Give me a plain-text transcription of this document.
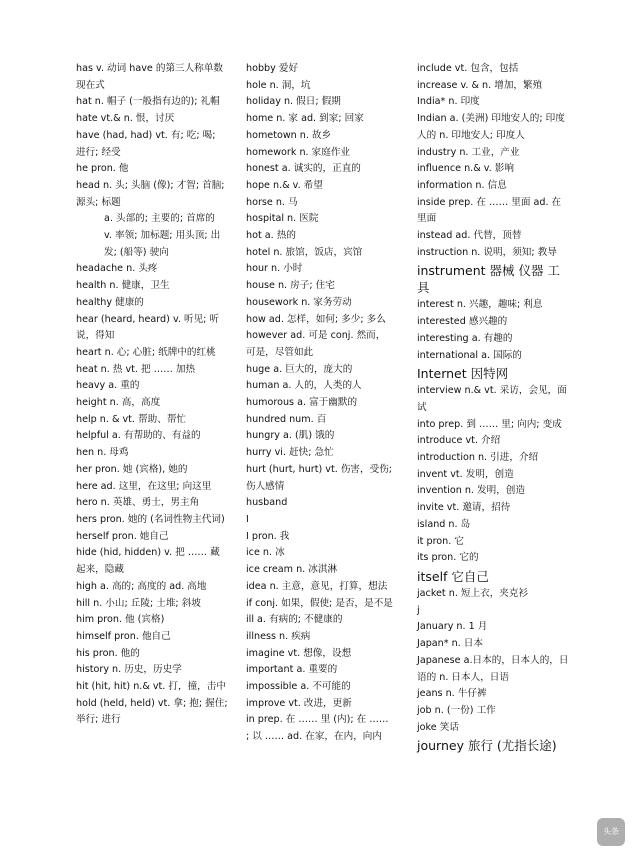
has v. 动词 have 的第三人称单数现在式
hat n. 帽子 (一般指有边的); 礼帽
hate vt.& n. 恨，讨厌
have (had, had) vt. 有; 吃; 喝; 进行; 经受
he pron. 他
head n. 头; 头脑 (像); 才智; 首脑; 源头; 标题
a. 头部的; 主要的; 首席的
v. 率领; 加标题; 用头顶; 出发; (船等) 驶向
headache n. 头疼
health n. 健康，卫生
healthy 健康的
hear (heard, heard) v. 听见; 听说，得知
heart n. 心; 心脏; 纸牌中的红桃
heat n. 热 vt. 把 …… 加热
heavy a. 重的
height n. 高，高度
help n. & vt. 帮助、帮忙
helpful a. 有帮助的、有益的
hen n. 母鸡
her pron. 她 (宾格), 她的
here ad. 这里，在这里; 向这里
hero n. 英雄、勇士，男主角
hers pron. 她的 (名词性物主代词)
herself pron. 她自己
hide (hid, hidden) v. 把 …… 藏起来，隐藏
high a. 高的; 高度的 ad. 高地
hill n. 小山; 丘陵; 土堆; 斜坡
him pron. 他 (宾格)
himself pron. 他自己
his pron. 他的
history n. 历史，历史学
hit (hit, hit) n.& vt. 打，撞，击中
hold (held, held) vt. 拿; 抱; 握住; 举行; 进行
hobby 爱好
hole n. 洞，坑
holiday n. 假日; 假期
home n. 家 ad. 到家; 回家
hometown n. 故乡
homework n. 家庭作业
honest a. 诚实的，正直的
hope n.& v. 希望
horse n. 马
hospital n. 医院
hot a. 热的
hotel n. 旅馆，饭店，宾馆
hour n. 小时
house n. 房子; 住宅
housework n. 家务劳动
how ad. 怎样，如何; 多少; 多么
however ad. 可是 conj. 然而，可是，尽管如此
huge a. 巨大的，庞大的
human a. 人的，人类的人
humorous a. 富于幽默的
hundred num. 百
hungry a. (肌) 饿的
hurry vi. 赶快; 急忙
hurt (hurt, hurt) vt. 伤害，受伤; 伤人感情
husband
I
I pron. 我
ice n. 冰
ice cream n. 冰淇淋
idea n. 主意，意见，打算，想法
if conj. 如果，假使; 是否，是不是
ill a. 有病的; 不健康的
illness n. 疾病
imagine vt. 想像，设想
important a. 重要的
impossible a. 不可能的
improve vt. 改进，更新
in prep. 在 …… 里 (内); 在 …… ; 以 …… ad. 在家，在内，向内
include vt. 包含，包括
increase v. & n. 增加，繁殖
India* n. 印度
Indian a. (美洲) 印地安人的; 印度人的 n. 印地安人; 印度人
industry n. 工业，产业
influence n.& v. 影响
information n. 信息
inside prep. 在 …… 里面 ad. 在里面
instead ad. 代替，顶替
instruction n. 说明，须知; 教导
instrument 器械 仪器 工具
interest n. 兴趣，趣味; 利息
interested 感兴趣的
interesting a. 有趣的
international a. 国际的
Internet 因特网
interview n.& vt. 采访，会见，面试
into prep. 到 …… 里; 向内; 变成
introduce vt. 介绍
introduction n. 引进，介绍
invent vt. 发明，创造
invention n. 发明，创造
invite vt. 邀请，招待
island n. 岛
it pron. 它
its pron. 它的
itself 它自己
jacket n. 短上衣，夹克衫
j
January n. 1 月
Japan* n. 日本
Japanese a.日本的，日本人的，日语的 n. 日本人，日语
jeans n. 牛仔裤
job n. (一份) 工作
joke 笑话
journey 旅行 (尤指长途)
头条
